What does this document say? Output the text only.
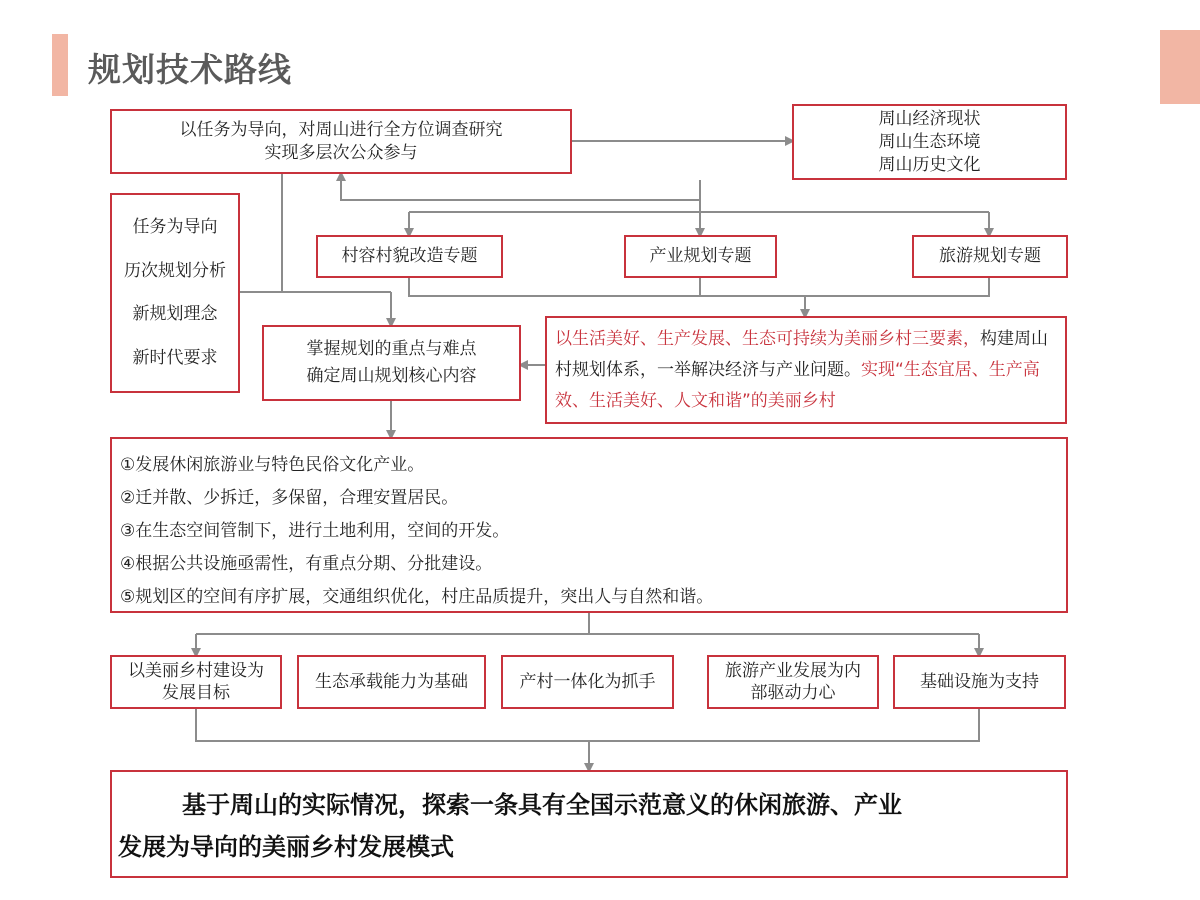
规划技术路线
以任务为导向，对周山进行全方位调查研究
实现多层次公众参与
周山经济现状
周山生态环境
周山历史文化
任务为导向
历次规划分析
新规划理念
新时代要求
村容村貌改造专题	产业规划专题	旅游规划专题
掌握规划的重点与难点
确定周山规划核心内容
以生活美好、生产发展、生态可持续为美丽乡村三要素，构建周山村规划体系，一举解决经济与产业问题。实现“生态宜居、生产高效、生活美好、人文和谐”的美丽乡村
①发展休闲旅游业与特色民俗文化产业。
②迁并散、少拆迁，多保留，合理安置居民。
③在生态空间管制下，进行土地利用，空间的开发。
④根据公共设施亟需性，有重点分期、分批建设。
⑤规划区的空间有序扩展，交通组织优化，村庄品质提升，突出人与自然和谐。
以美丽乡村建设为
发展目标
生态承载能力为基础	产村一体化为抓手
旅游产业发展为内
部驱动力心
基础设施为支持
基于周山的实际情况，探索一条具有全国示范意义的休闲旅游、产业
发展为导向的美丽乡村发展模式
